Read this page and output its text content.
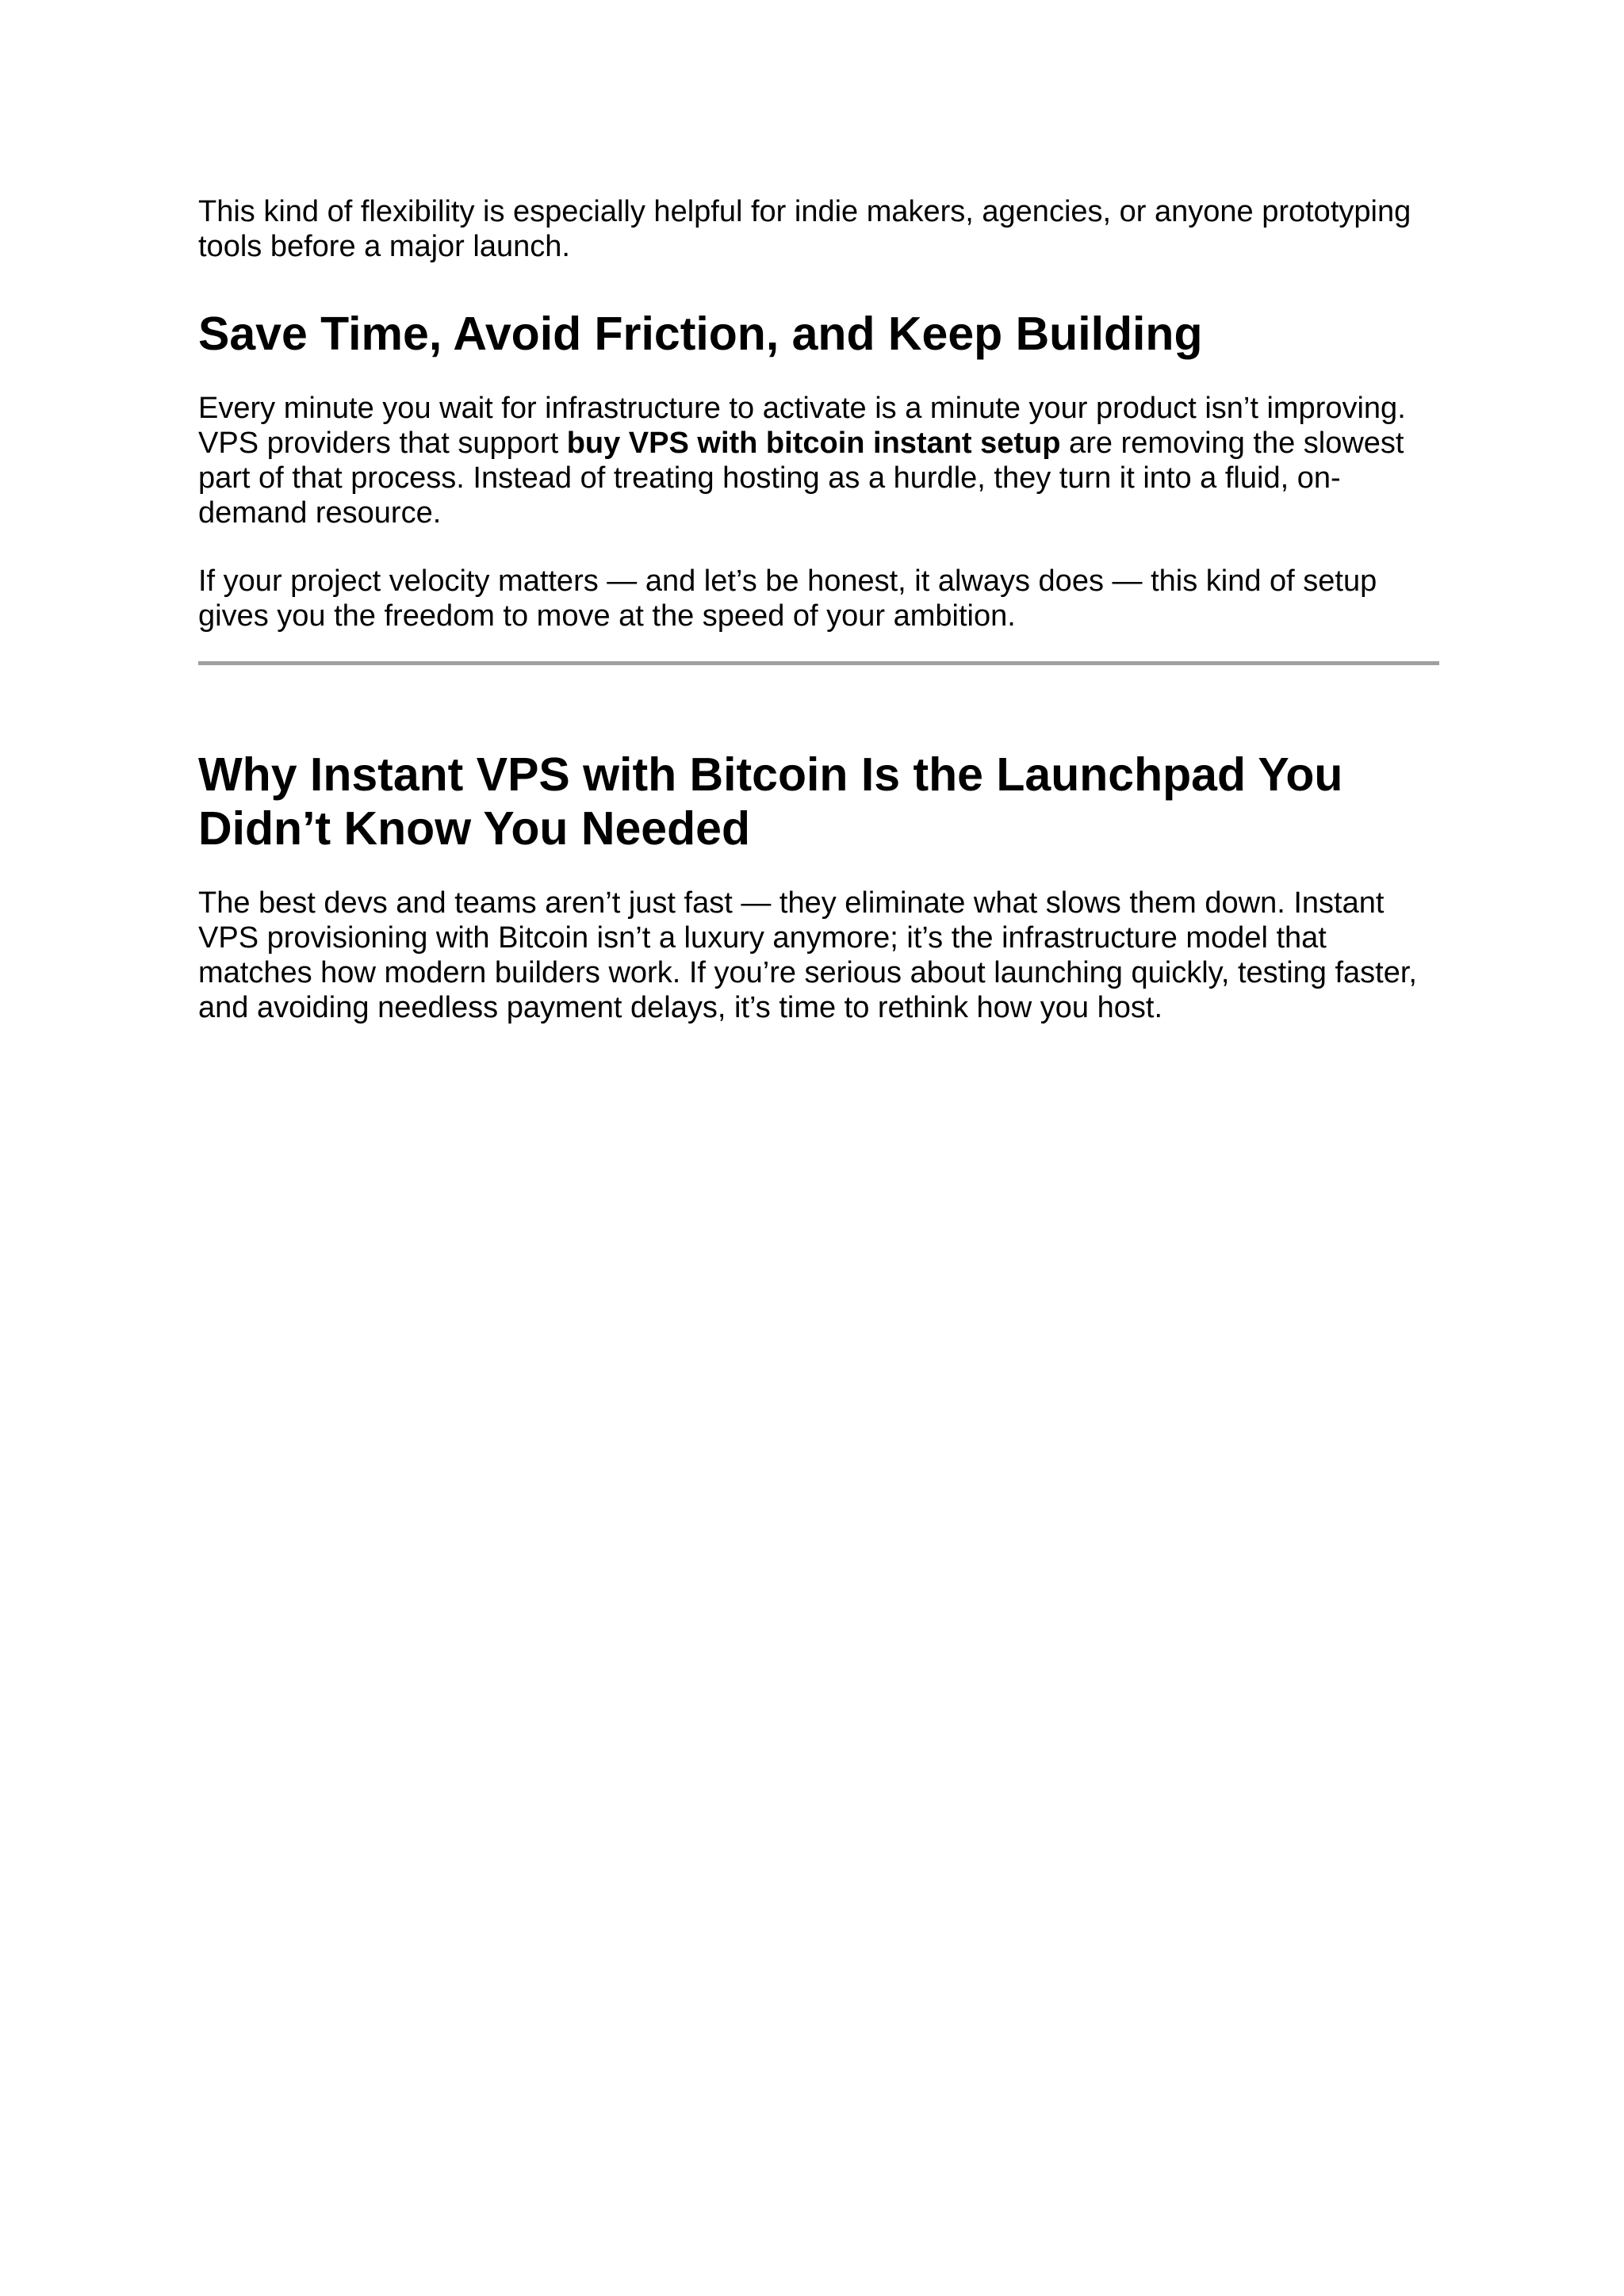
This kind of flexibility is especially helpful for indie makers, agencies, or anyone prototyping tools before a major launch.

Save Time, Avoid Friction, and Keep Building

Every minute you wait for infrastructure to activate is a minute your product isn’t improving. VPS providers that support buy VPS with bitcoin instant setup are removing the slowest part of that process. Instead of treating hosting as a hurdle, they turn it into a fluid, on-demand resource.

If your project velocity matters — and let’s be honest, it always does — this kind of setup gives you the freedom to move at the speed of your ambition.

Why Instant VPS with Bitcoin Is the Launchpad You Didn’t Know You Needed

The best devs and teams aren’t just fast — they eliminate what slows them down. Instant VPS provisioning with Bitcoin isn’t a luxury anymore; it’s the infrastructure model that matches how modern builders work. If you’re serious about launching quickly, testing faster, and avoiding needless payment delays, it’s time to rethink how you host.
